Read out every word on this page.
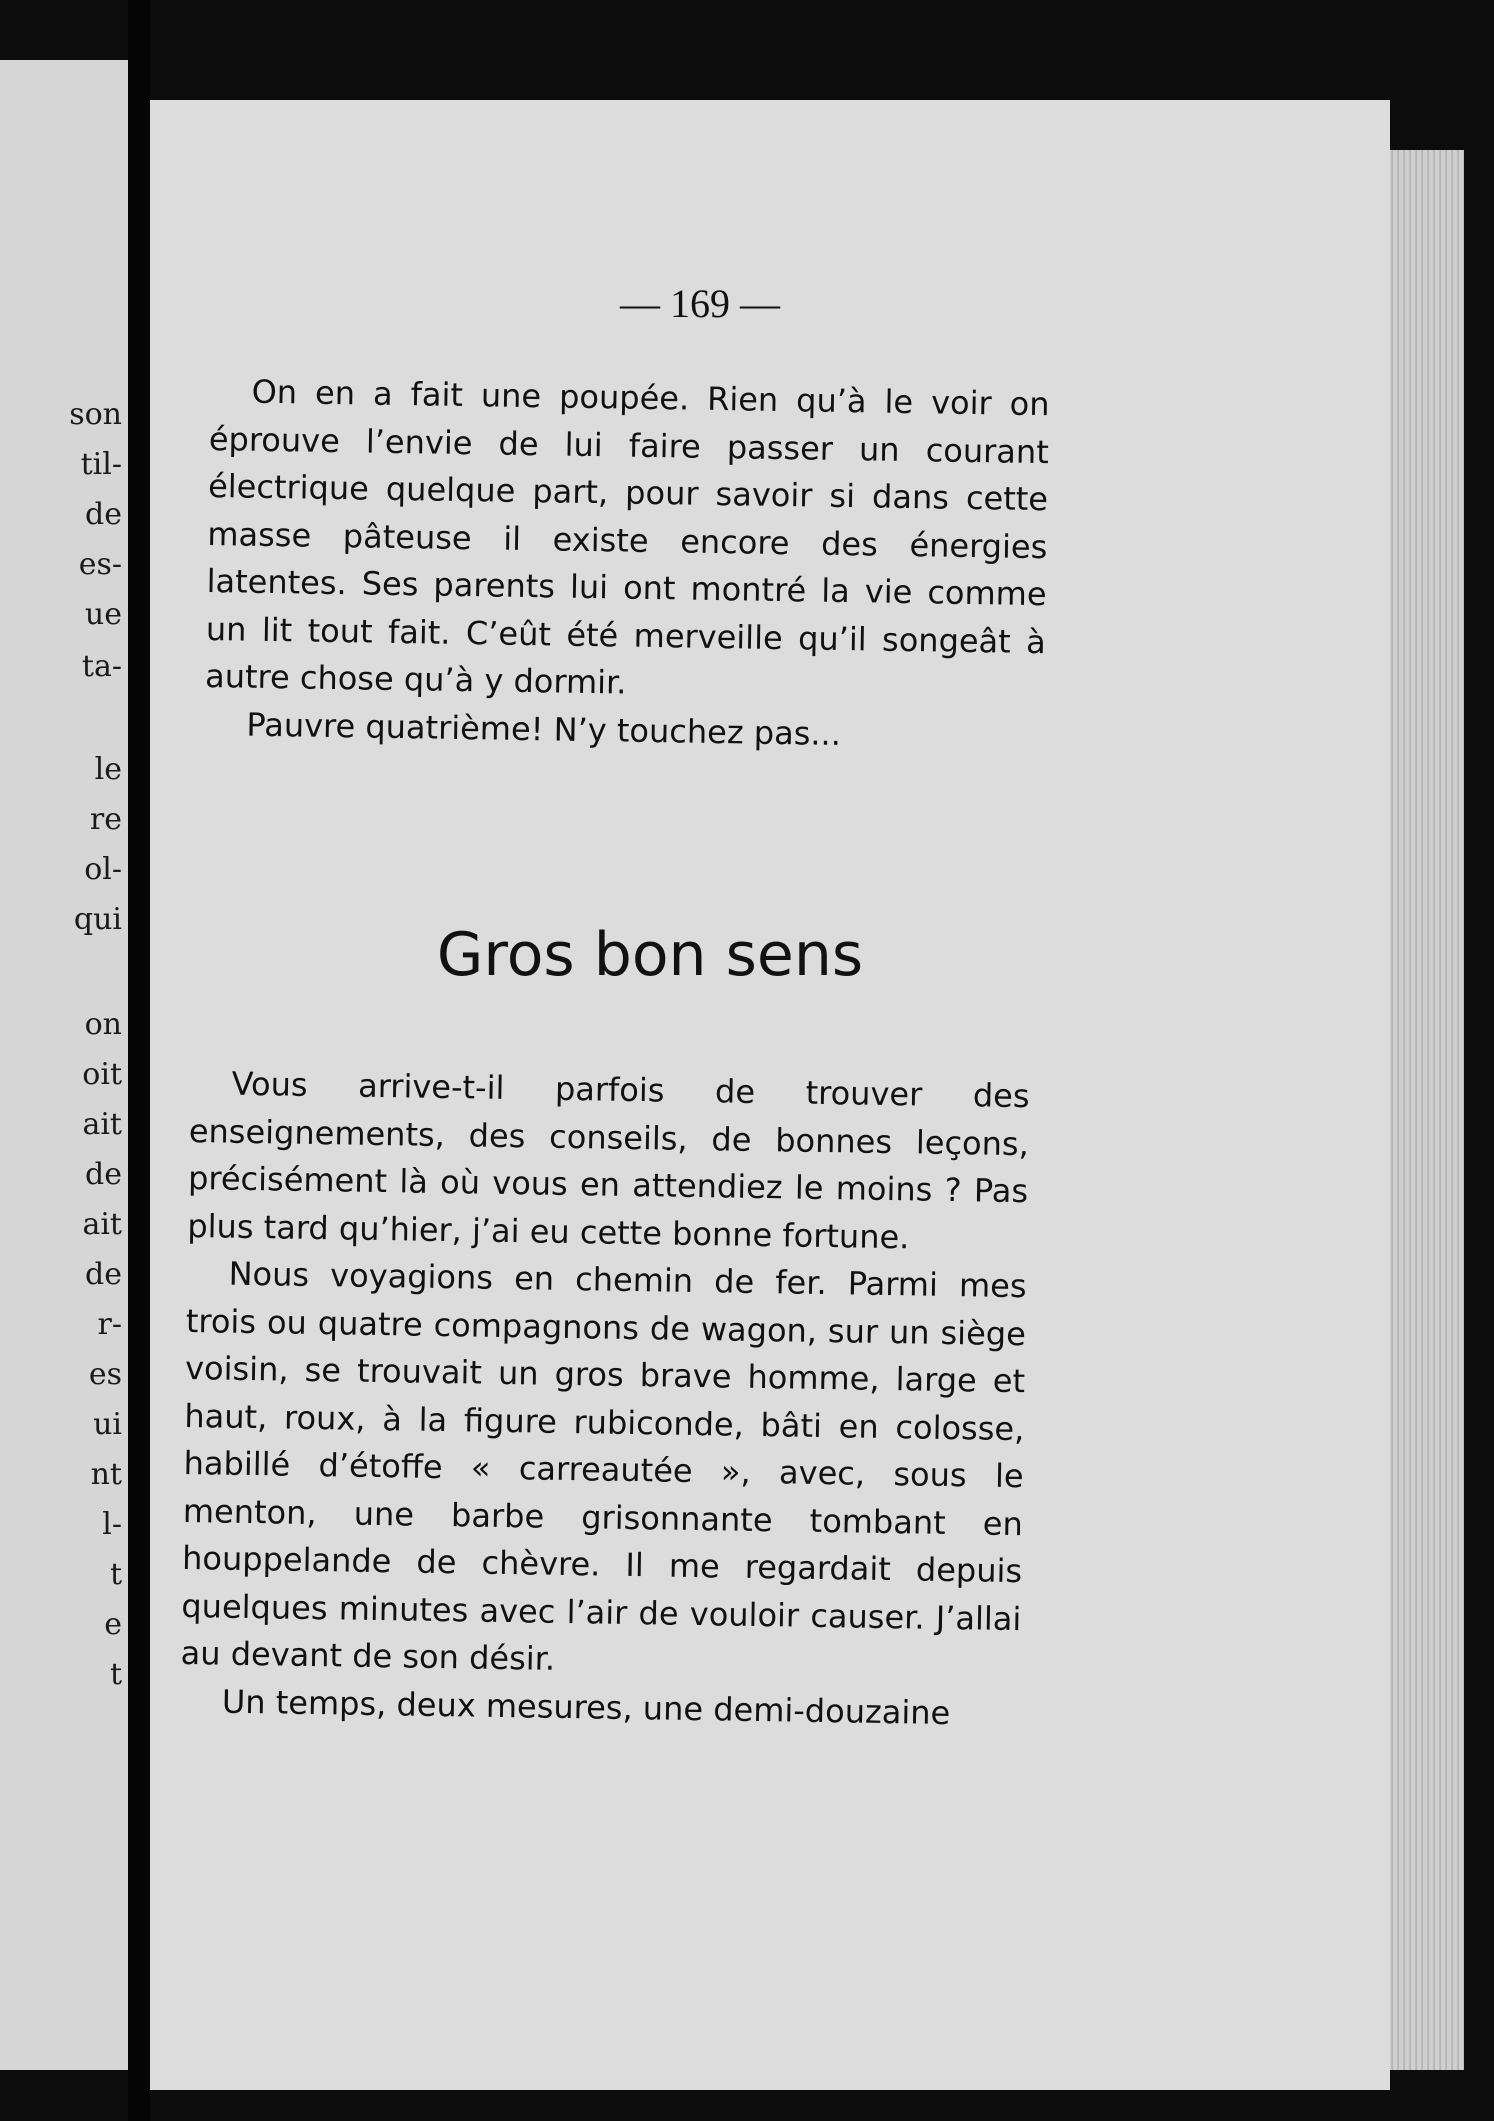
son
til-
de
es-
ue
ta-
le
re
ol-
qui
on
oit
ait
de
ait
de
r-
es
ui
nt
l-
t
e
t
— 169 —

On en a fait une poupée. Rien qu’à le voir on éprouve l’envie de lui faire passer un courant électrique quelque part, pour savoir si dans cette masse pâteuse il existe encore des énergies latentes. Ses parents lui ont montré la vie comme un lit tout fait. C’eût été merveille qu’il songeât à autre chose qu’à y dormir.

Pauvre quatrième! N’y touchez pas...

Gros bon sens

Vous arrive-t-il parfois de trouver des enseignements, des conseils, de bonnes leçons, précisément là où vous en attendiez le moins ? Pas plus tard qu’hier, j’ai eu cette bonne fortune.

Nous voyagions en chemin de fer. Parmi mes trois ou quatre compagnons de wagon, sur un siège voisin, se trouvait un gros brave homme, large et haut, roux, à la figure rubiconde, bâti en colosse, habillé d’étoffe « carreautée », avec, sous le menton, une barbe grisonnante tombant en houppelande de chèvre. Il me regardait depuis quelques minutes avec l’air de vouloir causer. J’allai au devant de son désir.

Un temps, deux mesures, une demi-douzaine
